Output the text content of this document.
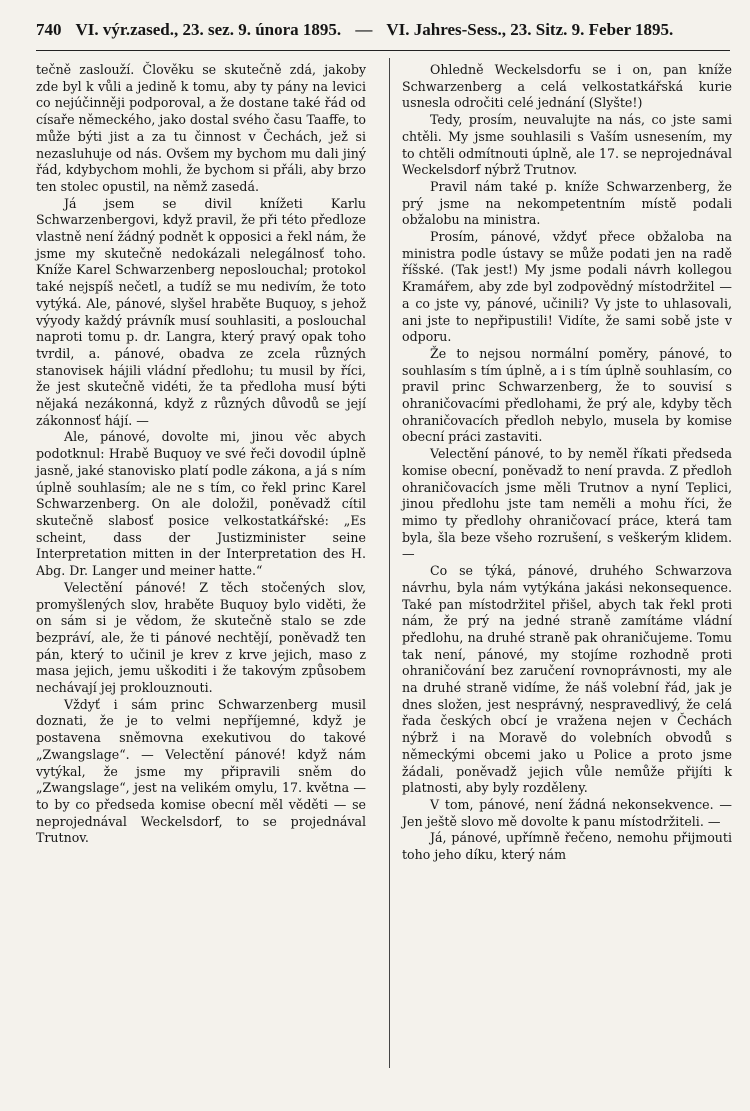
740 VI. výr.zased., 23. sez. 9. února 1895. — VI. Jahres-Sess., 23. Sitz. 9. Feber 1895.

tečně zaslouží. Člověku se skutečně zdá, jakoby zde byl k vůli a jedině k tomu, aby ty pány na levici co nejúčinněji podporoval, a že dostane také řád od císaře německého, jako dostal svého času Taaffe, to může býti jist a za tu činnost v Čechách, jež si nezasluhuje od nás. Ovšem my bychom mu dali jiný řád, kdybychom mohli, že bychom si přáli, aby brzo ten stolec opustil, na němž zasedá.

Já jsem se divil knížeti Karlu Schwarzenbergovi, když pravil, že při této předloze vlastně není žádný podnět k opposici a řekl nám, že jsme my skutečně nedokázali nelegálnosť toho. Kníže Karel Schwarzenberg neposlouchal; protokol také nejspíš nečetl, a tudíž se mu nedivím, že toto vytýká. Ale, pánové, slyšel hraběte Buquoy, s jehož výyody každý právník musí souhlasiti, a poslouchal naproti tomu p. dr. Langra, který pravý opak toho tvrdil, a. pánové, obadva ze zcela různých stanovisek hájili vládní předlohu; tu musil by říci, že jest skutečně vidéti, že ta předloha musí býti nějaká nezákonná, když z různých důvodů se její zákonnosť hájí. —

Ale, pánové, dovolte mi, jinou věc abych podotknul: Hrabě Buquoy ve své řeči dovodil úplně jasně, jaké stanovisko platí podle zákona, a já s ním úplně souhlasím; ale ne s tím, co řekl princ Karel Schwarzenberg. On ale doložil, poněvadž cítil skutečně slabosť posice velkostatkářské: „Es scheint, dass der Justizminister seine Interpretation mitten in der Interpretation des H. Abg. Dr. Langer und meiner hatte.“

Velectění pánové! Z těch stočených slov, promyšlených slov, hraběte Buquoy bylo viděti, že on sám si je vědom, že skutečně stalo se zde bezpráví, ale, že ti pánové nechtějí, poněvadž ten pán, který to učinil je krev z krve jejich, maso z masa jejich, jemu uškoditi i že takovým způsobem nechávají jej proklouznouti.

Vždyť i sám princ Schwarzenberg musil doznati, že je to velmi nepříjemné, když je postavena sněmovna exekutivou do takové „Zwangslage“. — Velectění pánové! když nám vytýkal, že jsme my připravili sněm do „Zwangslage“, jest na velikém omylu, 17. května — to by co předseda komise obecní měl věděti — se neprojednával Weckelsdorf, to se projednával Trutnov.

Ohledně Weckelsdorfu se i on, pan kníže Schwarzenberg a celá velkostatkářská kurie usnesla odročiti celé jednání (Slyšte!)

Tedy, prosím, neuvalujte na nás, co jste sami chtěli. My jsme souhlasili s Vaším usnesením, my to chtěli odmítnouti úplně, ale 17. se neprojednával Weckelsdorf nýbrž Trutnov.

Pravil nám také p. kníže Schwarzenberg, že prý jsme na nekompetentním místě podali obžalobu na ministra.

Prosím, pánové, vždyť přece obžaloba na ministra podle ústavy se může podati jen na radě říšské. (Tak jest!) My jsme podali návrh kollegou Kramářem, aby zde byl zodpovědný místodržitel — a co jste vy, pánové, učinili? Vy jste to uhlasovali, ani jste to nepřipustili! Vidíte, že sami sobě jste v odporu.

Že to nejsou normální poměry, pánové, to souhlasím s tím úplně, a i s tím úplně souhlasím, co pravil princ Schwarzenberg, že to souvisí s ohraničovacími předlohami, že prý ale, kdyby těch ohraničovacích předloh nebylo, musela by komise obecní práci zastaviti.

Velectění pánové, to by neměl říkati předseda komise obecní, poněvadž to není pravda. Z předloh ohraničovacích jsme měli Trutnov a nyní Teplici, jinou předlohu jste tam neměli a mohu říci, že mimo ty předlohy ohraničovací práce, která tam byla, šla beze všeho rozrušení, s veškerým klidem. —

Co se týká, pánové, druhého Schwarzova návrhu, byla nám vytýkána jakási nekonsequence. Také pan místodržitel přišel, abych tak řekl proti nám, že prý na jedné straně zamítáme vládní předlohu, na druhé straně pak ohraničujeme. Tomu tak není, pánové, my stojíme rozhodně proti ohraničování bez zaručení rovnoprávnosti, my ale na druhé straně vidíme, že náš volební řád, jak je dnes složen, jest nesprávný, nespravedlivý, že celá řada českých obcí je vražena nejen v Čechách nýbrž i na Moravě do volebních obvodů s německými obcemi jako u Police a proto jsme žádali, poněvadž jejich vůle nemůže přijíti k platnosti, aby byly rozděleny.

V tom, pánové, není žádná nekonsekvence. — Jen ještě slovo mě dovolte k panu místodržiteli. —

Já, pánové, upřímně řečeno, nemohu přijmouti toho jeho díku, který nám
